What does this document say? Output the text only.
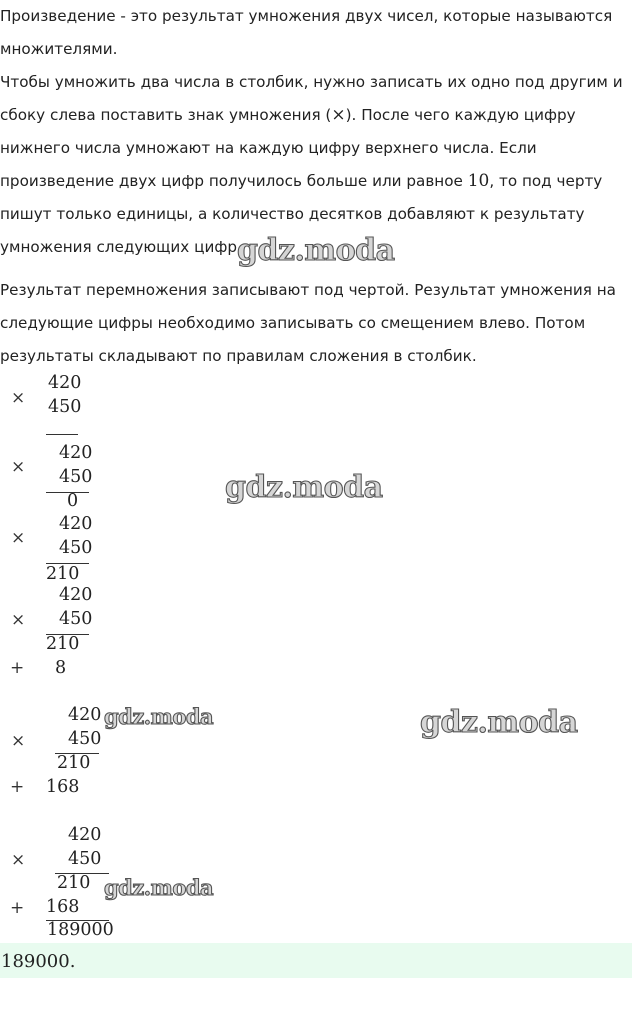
Произведение - это результат умножения двух чисел, которые называются множителями.

Чтобы умножить два числа в столбик, нужно записать их одно под другим и сбоку слева поставить знак умножения (×). После чего каждую цифру нижнего числа умножают на каждую цифру верхнего числа. Если произведение двух цифр получилось больше или равное 10, то под черту пишут только единицы, а количество десятков добавляют к результату умножения следующих цифр.

gdz.moda

Результат перемножения записывают под чертой. Результат умножения на следующие цифры необходимо записывать со смещением влево. Потом результаты складывают по правилам сложения в столбик.

×
420
450
×
420
450
0	gdz.moda
×
420
450
210
×
420
450
210
+ 8
×
420
450
210
+ 168
gdz.moda	gdz.moda
×
420
450
210
+ 168
189000
gdz.moda
189000.
